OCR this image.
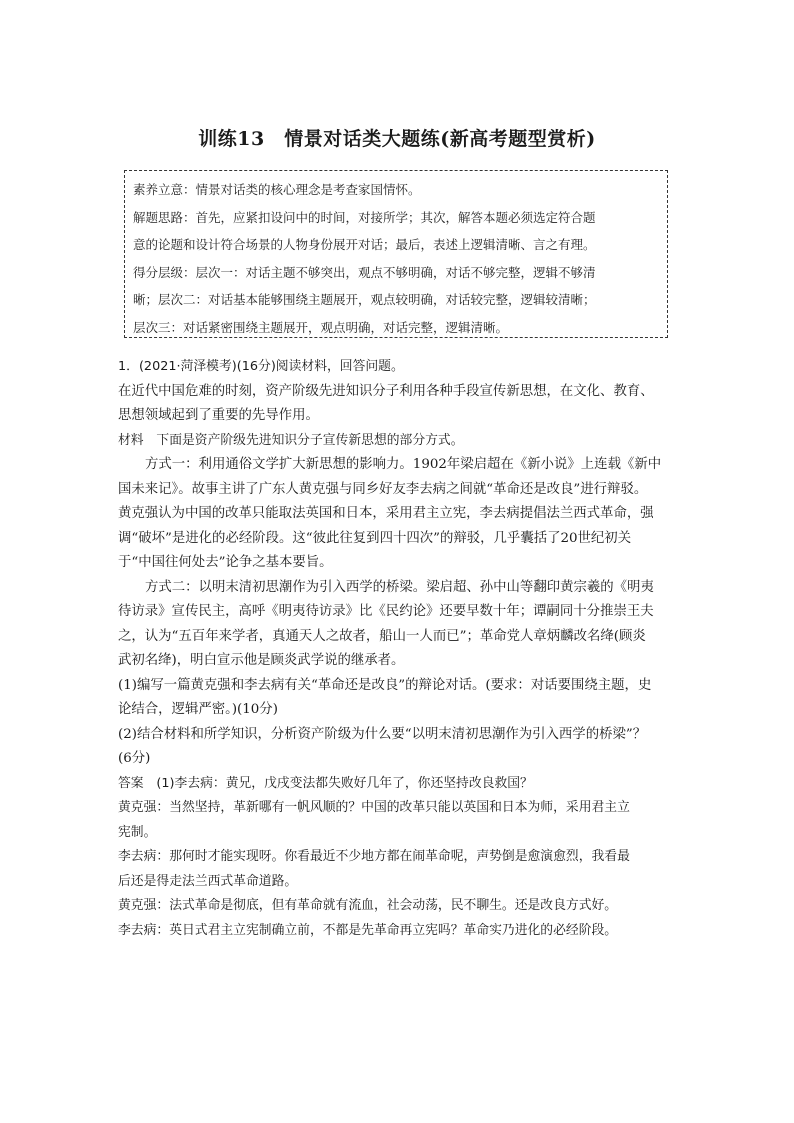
训练13　情景对话类大题练(新高考题型赏析)

素养立意：情景对话类的核心理念是考查家国情怀。

解题思路：首先，应紧扣设问中的时间，对接所学；其次，解答本题必须选定符合题

意的论题和设计符合场景的人物身份展开对话；最后，表述上逻辑清晰、言之有理。

得分层级：层次一：对话主题不够突出，观点不够明确，对话不够完整，逻辑不够清

晰；层次二：对话基本能够围绕主题展开，观点较明确，对话较完整，逻辑较清晰；

层次三：对话紧密围绕主题展开，观点明确，对话完整，逻辑清晰。

1．(2021·菏泽模考)(16分)阅读材料，回答问题。

在近代中国危难的时刻，资产阶级先进知识分子利用各种手段宣传新思想，在文化、教育、

思想领域起到了重要的先导作用。

材料　下面是资产阶级先进知识分子宣传新思想的部分方式。

方式一：利用通俗文学扩大新思想的影响力。1902年梁启超在《新小说》上连载《新中

国未来记》。故事主讲了广东人黄克强与同乡好友李去病之间就“革命还是改良”进行辩驳。

黄克强认为中国的改革只能取法英国和日本，采用君主立宪，李去病提倡法兰西式革命，强

调“破坏”是进化的必经阶段。这“彼此往复到四十四次”的辩驳，几乎囊括了20世纪初关

于“中国往何处去”论争之基本要旨。

方式二：以明末清初思潮作为引入西学的桥梁。梁启超、孙中山等翻印黄宗羲的《明夷

待访录》宣传民主，高呼《明夷待访录》比《民约论》还要早数十年；谭嗣同十分推崇王夫

之，认为“五百年来学者，真通天人之故者，船山一人而已”；革命党人章炳麟改名绛(顾炎

武初名绛)，明白宣示他是顾炎武学说的继承者。

(1)编写一篇黄克强和李去病有关“革命还是改良”的辩论对话。(要求：对话要围绕主题，史

论结合，逻辑严密。)(10分)

(2)结合材料和所学知识，分析资产阶级为什么要“以明末清初思潮作为引入西学的桥梁”？

(6分)

答案　(1)李去病：黄兄，戊戌变法都失败好几年了，你还坚持改良救国？

黄克强：当然坚持，革新哪有一帆风顺的？中国的改革只能以英国和日本为师，采用君主立

宪制。

李去病：那何时才能实现呀。你看最近不少地方都在闹革命呢，声势倒是愈演愈烈，我看最

后还是得走法兰西式革命道路。

黄克强：法式革命是彻底，但有革命就有流血，社会动荡，民不聊生。还是改良方式好。

李去病：英日式君主立宪制确立前，不都是先革命再立宪吗？革命实乃进化的必经阶段。
